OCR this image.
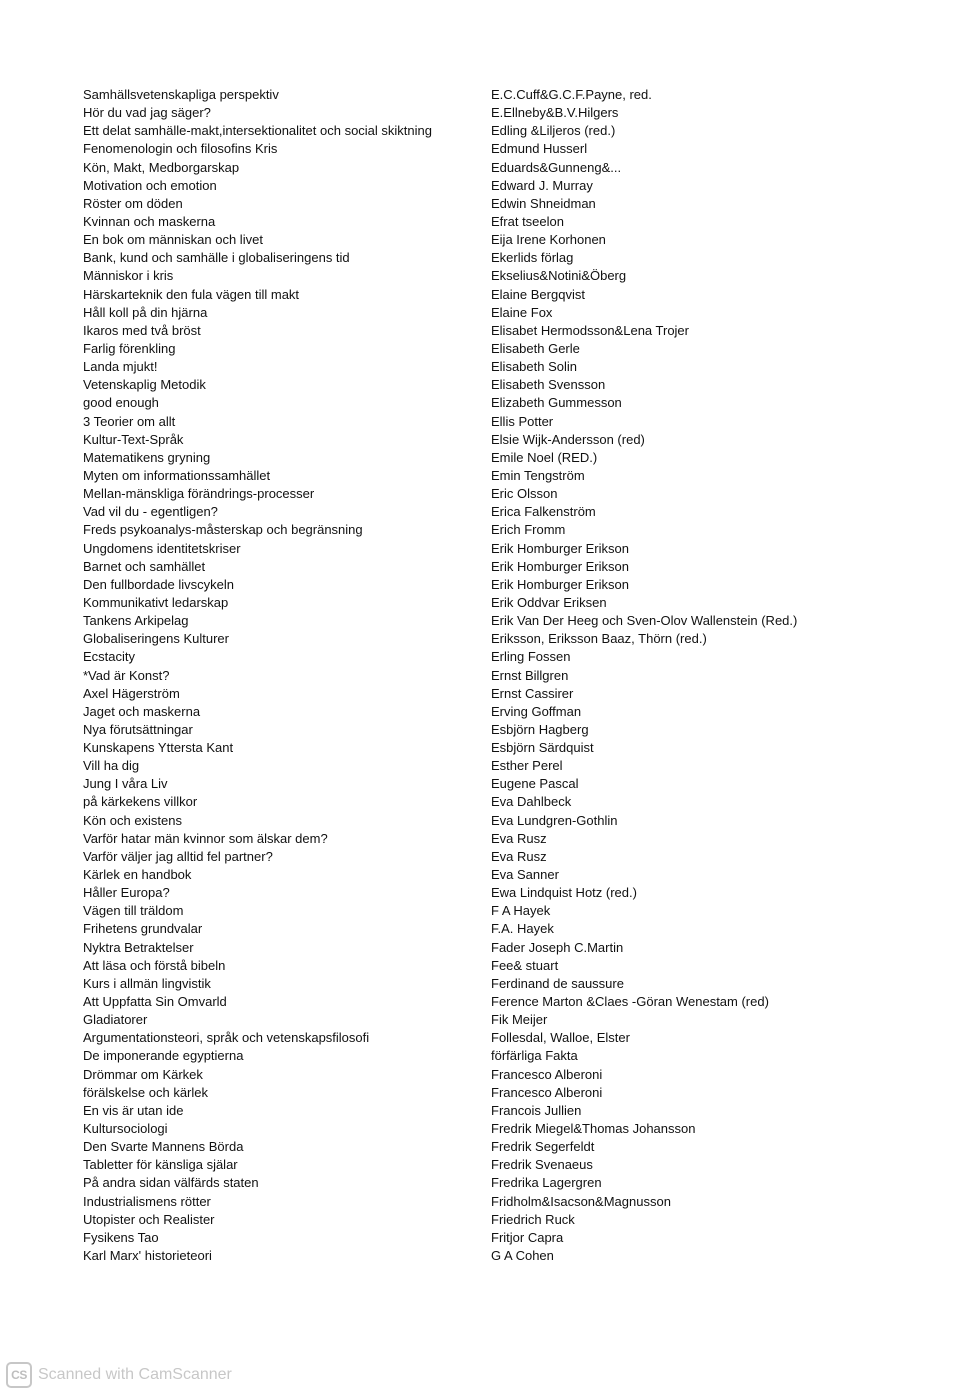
Samhällsvetenskapliga perspektiv
Hör du vad jag säger?
Ett delat samhälle-makt,intersektionalitet och social skiktning
Fenomenologin och filosofins Kris
Kön, Makt, Medborgarskap
Motivation och emotion
Röster om döden
Kvinnan och maskerna
En bok om människan och livet
Bank, kund och samhälle i globaliseringens tid
Människor i kris
Härskarteknik den fula vägen till makt
Håll koll på din hjärna
Ikaros med två bröst
Farlig förenkling
Landa mjukt!
Vetenskaplig Metodik
good enough
3 Teorier om allt
Kultur-Text-Språk
Matematikens gryning
Myten om informationssamhället
Mellan-mänskliga förändrings-processer
Vad vil du - egentligen?
Freds psykoanalys-måsterskap och begränsning
Ungdomens identitetskriser
Barnet och samhället
Den fullbordade livscykeln
Kommunikativt ledarskap
Tankens Arkipelag
Globaliseringens Kulturer
Ecstacity
*Vad är Konst?
Axel Hägerström
Jaget och maskerna
Nya förutsättningar
Kunskapens Yttersta Kant
Vill ha dig
Jung I våra Liv
på kärkekens villkor
Kön och existens
Varför hatar män kvinnor som älskar dem?
Varför väljer jag alltid fel partner?
Kärlek en handbok
Håller Europa?
Vägen till träldom
Frihetens grundvalar
Nyktra Betraktelser
Att läsa och förstå bibeln
Kurs i allmän lingvistik
Att Uppfatta Sin Omvarld
Gladiatorer
Argumentationsteori, språk och vetenskapsfilosofi
De imponerande egyptierna
Drömmar om Kärkek
förälskelse och kärlek
En vis är utan ide
Kultursociologi
Den Svarte Mannens Börda
Tabletter för känsliga själar
På andra sidan välfärds staten
Industrialismens rötter
Utopister och Realister
Fysikens Tao
Karl Marx' historieteori
E.C.Cuff&G.C.F.Payne, red.
E.Ellneby&B.V.Hilgers
Edling &Liljeros (red.)
Edmund Husserl
Eduards&Gunneng&...
Edward J. Murray
Edwin Shneidman
Efrat tseelon
Eija Irene Korhonen
Ekerlids förlag
Ekselius&Notini&Öberg
Elaine Bergqvist
Elaine Fox
Elisabet Hermodsson&Lena Trojer
Elisabeth Gerle
Elisabeth Solin
Elisabeth Svensson
Elizabeth Gummesson
Ellis Potter
Elsie Wijk-Andersson (red)
Emile Noel (RED.)
Emin Tengström
Eric Olsson
Erica Falkenström
Erich Fromm
Erik Homburger Erikson
Erik Homburger Erikson
Erik Homburger Erikson
Erik Oddvar Eriksen
Erik Van Der Heeg och Sven-Olov Wallenstein (Red.)
Eriksson, Eriksson Baaz, Thörn (red.)
Erling Fossen
Ernst Billgren
Ernst Cassirer
Erving Goffman
Esbjörn Hagberg
Esbjörn Särdquist
Esther Perel
Eugene Pascal
Eva Dahlbeck
Eva Lundgren-Gothlin
Eva Rusz
Eva Rusz
Eva Sanner
Ewa Lindquist Hotz (red.)
F A Hayek
F.A. Hayek
Fader Joseph C.Martin
Fee& stuart
Ferdinand de saussure
Ference Marton &Claes -Göran Wenestam (red)
Fik Meijer
Follesdal, Walloe, Elster
förfärliga Fakta
Francesco Alberoni
Francesco Alberoni
Francois Jullien
Fredrik Miegel&Thomas Johansson
Fredrik Segerfeldt
Fredrik Svenaeus
Fredrika Lagergren
Fridholm&Isacson&Magnusson
Friedrich Ruck
Fritjor Capra
G A Cohen
CS Scanned with CamScanner
